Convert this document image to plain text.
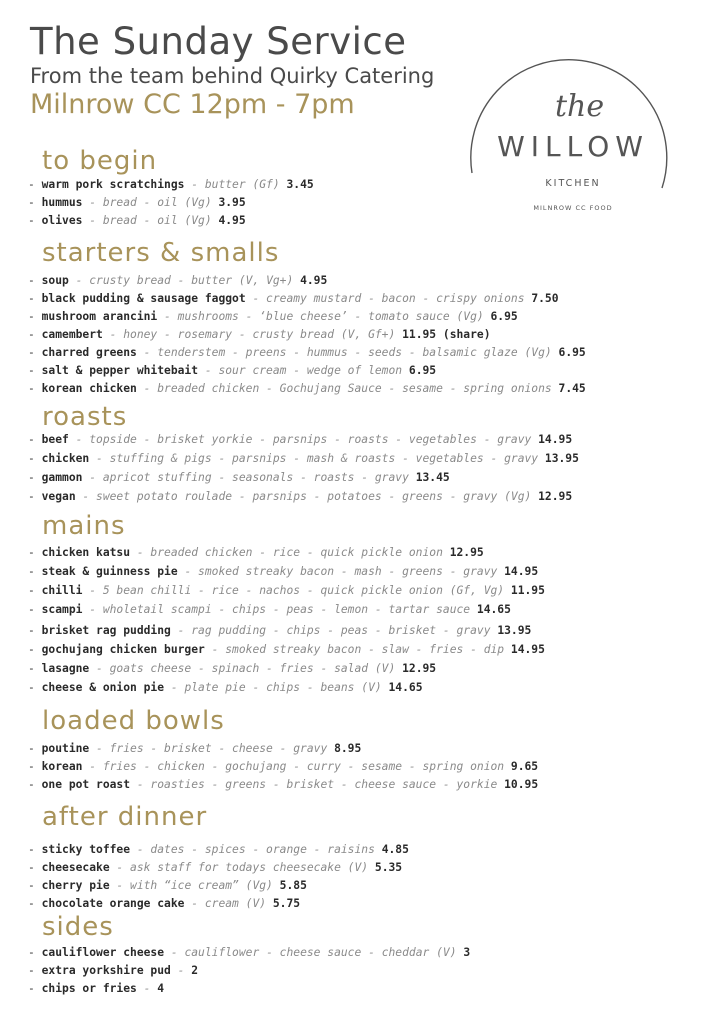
The Sunday Service
From the team behind Quirky Catering
Milnrow CC 12pm - 7pm	the
WILLOW
KITCHEN
MILNROW CC FOOD
to begin
- warm pork scratchings - butter (Gf) 3.45
- hummus - bread - oil (Vg) 3.95
- olives - bread - oil (Vg) 4.95
starters & smalls
- soup - crusty bread - butter (V, Vg+) 4.95
- black pudding & sausage faggot - creamy mustard - bacon - crispy onions 7.50
- mushroom arancini - mushrooms - ‘blue cheese’ - tomato sauce (Vg) 6.95
- camembert - honey - rosemary - crusty bread (V, Gf+) 11.95 (share)
- charred greens - tenderstem - preens - hummus - seeds - balsamic glaze (Vg) 6.95
- salt & pepper whitebait - sour cream - wedge of lemon 6.95
- korean chicken - breaded chicken - Gochujang Sauce - sesame - spring onions 7.45
roasts
- beef - topside - brisket yorkie - parsnips - roasts - vegetables - gravy 14.95
- chicken - stuffing & pigs - parsnips - mash & roasts - vegetables - gravy 13.95
- gammon - apricot stuffing - seasonals - roasts - gravy 13.45
- vegan - sweet potato roulade - parsnips - potatoes - greens - gravy (Vg) 12.95
mains
- chicken katsu - breaded chicken - rice - quick pickle onion 12.95
- steak & guinness pie - smoked streaky bacon - mash - greens - gravy 14.95
- chilli - 5 bean chilli - rice - nachos - quick pickle onion (Gf, Vg) 11.95
- scampi - wholetail scampi - chips - peas - lemon - tartar sauce 14.65
- brisket rag pudding - rag pudding - chips - peas - brisket - gravy 13.95
- gochujang chicken burger - smoked streaky bacon - slaw - fries - dip 14.95
- lasagne - goats cheese - spinach - fries - salad (V) 12.95
- cheese & onion pie - plate pie - chips - beans (V) 14.65
loaded bowls
- poutine - fries - brisket - cheese - gravy 8.95
- korean - fries - chicken - gochujang - curry - sesame - spring onion 9.65
- one pot roast - roasties - greens - brisket - cheese sauce - yorkie 10.95
after dinner
- sticky toffee - dates - spices - orange - raisins 4.85
- cheesecake - ask staff for todays cheesecake (V) 5.35
- cherry pie - with “ice cream” (Vg) 5.85
- chocolate orange cake - cream (V) 5.75
sides
- cauliflower cheese - cauliflower - cheese sauce - cheddar (V) 3
- extra yorkshire pud - 2
- chips or fries - 4
